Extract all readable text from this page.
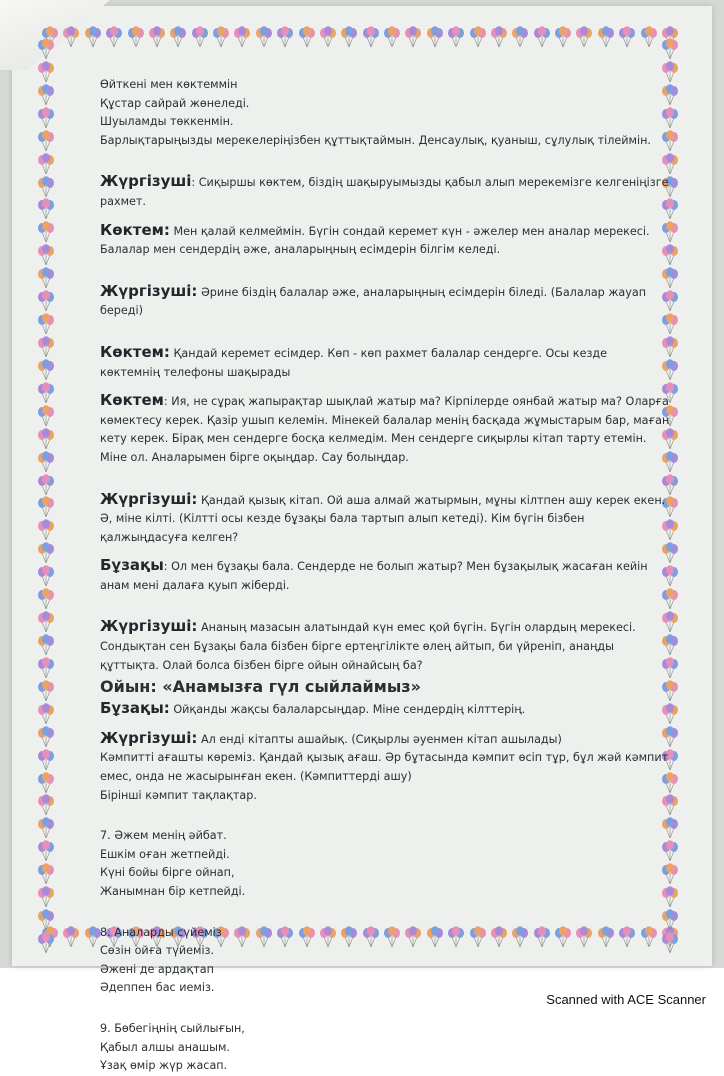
Өйткені мен көктеммін

Құстар сайрай жөнеледі.

Шуыламды төккенмін.

Барлықтарыңызды мерекелеріңізбен құттықтаймын. Денсаулық, қуаныш, сұлулық тілеймін.

Жүргізуші: Сиқыршы көктем, біздің шақыруымызды қабыл алып мерекемізге келгеніңізге рахмет.

Көктем: Мен қалай келмеймін. Бүгін сондай керемет күн - әжелер мен аналар мерекесі. Балалар мен сендердің әже, аналарыңның есімдерін білгім келеді.

Жүргізуші: Әрине біздің балалар әже, аналарыңның есімдерін біледі. (Балалар жауап береді)

Көктем: Қандай керемет есімдер. Көп - көп рахмет балалар сендерге. Осы кезде көктемнің телефоны шақырады

Көктем: Ия, не сұрақ жапырақтар шықлай жатыр ма? Кірпілерде оянбай жатыр ма? Оларға көмектесу керек. Қазір ушып келемін. Мінекей балалар менің басқада жұмыстарым бар, маған кету керек. Бірақ мен сендерге босқа келмедім. Мен сендерге сиқырлы кітап тарту етемін. Міне ол. Аналарымен бірге оқыңдар. Сау болыңдар.

Жүргізуші: Қандай қызық кітап. Ой аша алмай жатырмын, мұны кілтпен ашу керек екен. Ә, міне кілті. (Кілтті осы кезде бұзақы бала тартып алып кетеді). Кім бүгін бізбен қалжыңдасуға келген?

Бұзақы: Ол мен бұзақы бала. Сендерде не болып жатыр? Мен бұзақылық жасаған кейін анам мені далаға қуып жіберді.

Жүргізуші: Ананың мазасын алатындай күн емес қой бүгін. Бүгін олардың мерекесі. Сондықтан сен Бұзақы бала бізбен бірге ертеңгілікте өлең айтып, би үйреніп, анаңды құттықта. Олай болса бізбен бірге ойын ойнайсың ба?

Ойын: «Анамызға гүл сыйлаймыз»

Бұзақы: Ойқанды жақсы балаларсыңдар. Міне сендердің кілттерің.

Жүргізуші: Ал енді кітапты ашайық. (Сиқырлы әуенмен кітап ашылады)

Кәмпитті ағашты көреміз. Қандай қызық ағаш. Әр бұтасында кәмпит өсіп тұр, бұл жәй кәмпит емес, онда не жасырынған екен. (Кәмпиттерді ашу)

Бірінші кәмпит тақлақтар.

7. Әжем менің әйбат.

Ешкім оған жетпейді.

Күні бойы бірге ойнап,

Жанымнан бір кетпейді.

8. Аналарды сүйеміз

Сөзін ойға түйеміз.

Әжені де ардақтап

Әдеппен бас иеміз.

9. Бөбегіңнің сыйлығын,

Қабыл алшы анашым.

Ұзақ өмір жүр жасап.

Scanned with ACE Scanner
